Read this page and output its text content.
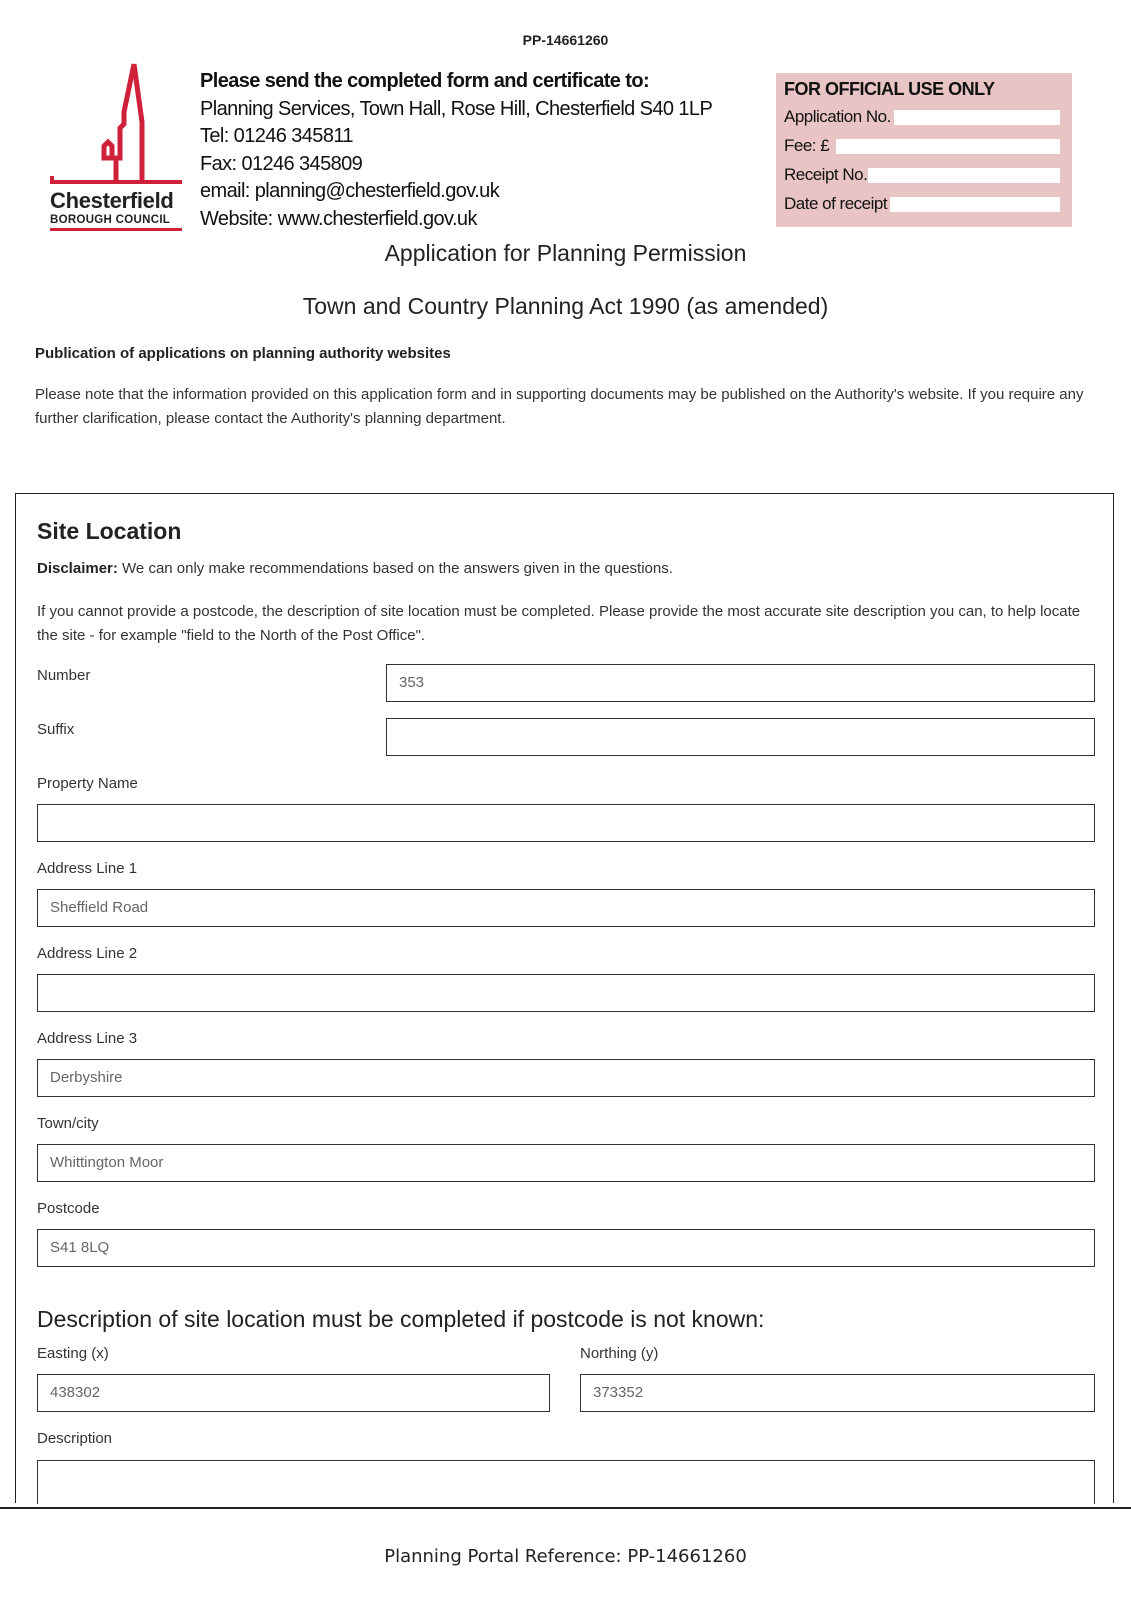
PP-14661260
Chesterfield
BOROUGH COUNCIL
Please send the completed form and certificate to:
Planning Services, Town Hall, Rose Hill, Chesterfield S40 1LP
Tel: 01246 345811
Fax: 01246 345809
email: planning@chesterfield.gov.uk
Website: www.chesterfield.gov.uk
FOR OFFICIAL USE ONLY
Application No.
Fee: £
Receipt No.
Date of receipt
Application for Planning Permission
Town and Country Planning Act 1990 (as amended)
Publication of applications on planning authority websites
Please note that the information provided on this application form and in supporting documents may be published on the Authority's website. If you require any further clarification, please contact the Authority's planning department.
Site Location
Disclaimer: We can only make recommendations based on the answers given in the questions.
If you cannot provide a postcode, the description of site location must be completed. Please provide the most accurate site description you can, to help locate the site - for example "field to the North of the Post Office".
Number	353
Suffix
Property Name
Address Line 1
Sheffield Road
Address Line 2
Address Line 3
Derbyshire
Town/city
Whittington Moor
Postcode
S41 8LQ
Description of site location must be completed if postcode is not known:
Easting (x)
438302
Northing (y)
373352
Description
Planning Portal Reference: PP-14661260
